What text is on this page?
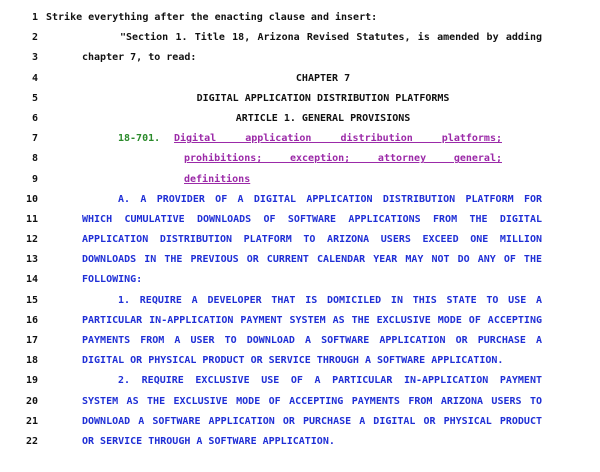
1 Strike everything after the enacting clause and insert:
2	"Section 1. Title 18, Arizona Revised Statutes, is amended by adding
3	chapter 7, to read:
4	CHAPTER 7
5	DIGITAL APPLICATION DISTRIBUTION PLATFORMS
6	ARTICLE 1. GENERAL PROVISIONS
7	18-701. Digital application distribution platforms;
8	prohibitions; exception; attorney general;
9	definitions
10	A. A PROVIDER OF A DIGITAL APPLICATION DISTRIBUTION PLATFORM FOR
11	WHICH CUMULATIVE DOWNLOADS OF SOFTWARE APPLICATIONS FROM THE DIGITAL
12	APPLICATION DISTRIBUTION PLATFORM TO ARIZONA USERS EXCEED ONE MILLION
13	DOWNLOADS IN THE PREVIOUS OR CURRENT CALENDAR YEAR MAY NOT DO ANY OF THE
14	FOLLOWING:
15	1. REQUIRE A DEVELOPER THAT IS DOMICILED IN THIS STATE TO USE A
16	PARTICULAR IN-APPLICATION PAYMENT SYSTEM AS THE EXCLUSIVE MODE OF ACCEPTING
17	PAYMENTS FROM A USER TO DOWNLOAD A SOFTWARE APPLICATION OR PURCHASE A
18	DIGITAL OR PHYSICAL PRODUCT OR SERVICE THROUGH A SOFTWARE APPLICATION.
19	2. REQUIRE EXCLUSIVE USE OF A PARTICULAR IN-APPLICATION PAYMENT
20	SYSTEM AS THE EXCLUSIVE MODE OF ACCEPTING PAYMENTS FROM ARIZONA USERS TO
21	DOWNLOAD A SOFTWARE APPLICATION OR PURCHASE A DIGITAL OR PHYSICAL PRODUCT
22	OR SERVICE THROUGH A SOFTWARE APPLICATION.
